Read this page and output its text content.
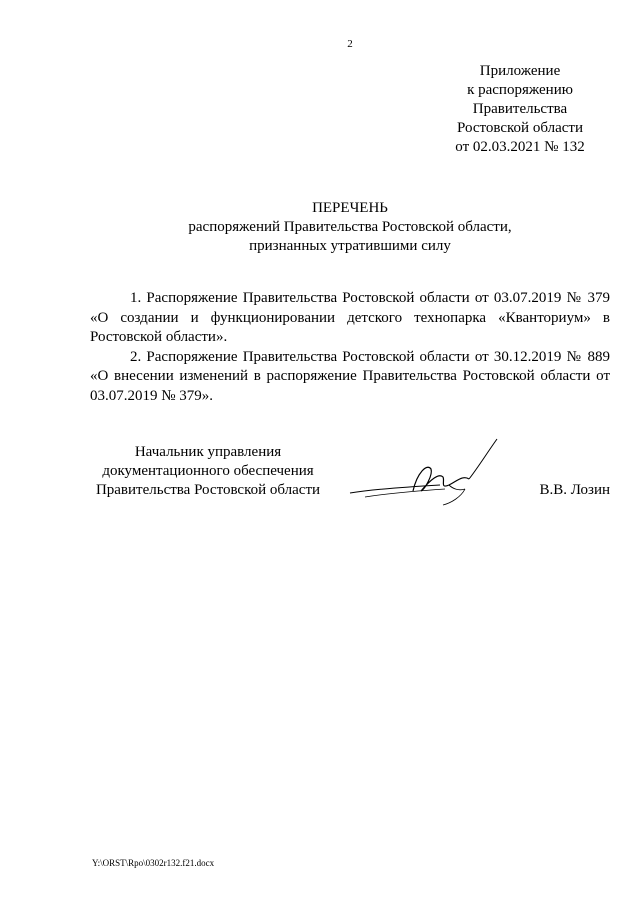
2
Приложение
к распоряжению
Правительства
Ростовской области
от 02.03.2021 № 132
ПЕРЕЧЕНЬ
распоряжений Правительства Ростовской области,
признанных утратившими силу

1. Распоряжение Правительства Ростовской области от 03.07.2019 № 379 «О создании и функционировании детского технопарка «Кванториум» в Ростовской области».

2. Распоряжение Правительства Ростовской области от 30.12.2019 № 889 «О внесении изменений в распоряжение Правительства Ростовской области от 03.07.2019 № 379».

Начальник управления
документационного обеспечения
Правительства Ростовской области	В.В. Лозин
Y:\ORST\Rpo\0302r132.f21.docx
